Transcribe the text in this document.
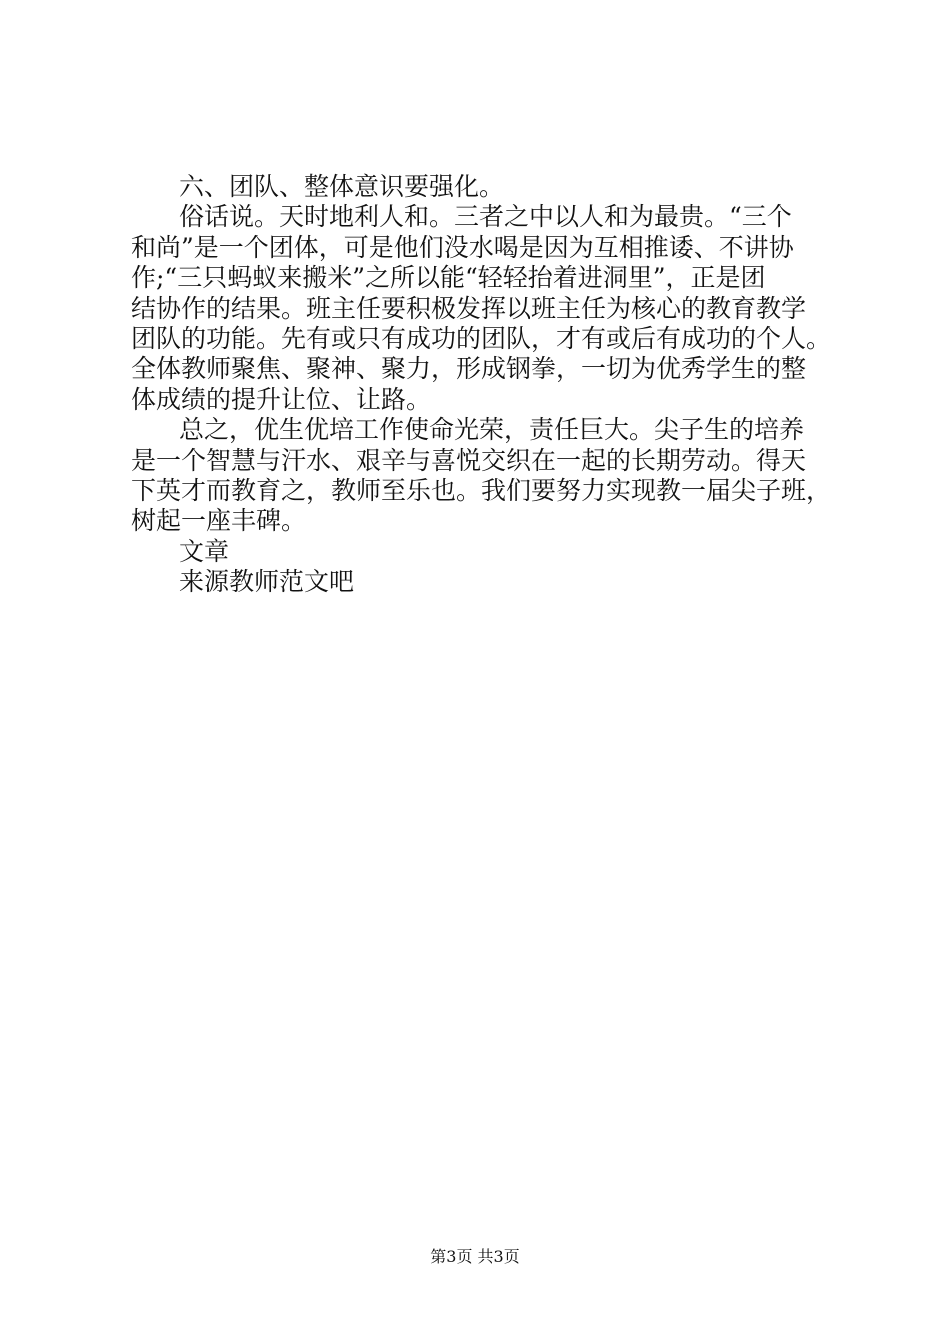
六、团队、整体意识要强化。
俗话说。天时地利人和。三者之中以人和为最贵。“三个
和尚”是一个团体，可是他们没水喝是因为互相推诿、不讲协
作;“三只蚂蚁来搬米”之所以能“轻轻抬着进洞里”，正是团
结协作的结果。班主任要积极发挥以班主任为核心的教育教学
团队的功能。先有或只有成功的团队，才有或后有成功的个人。
全体教师聚焦、聚神、聚力，形成钢拳，一切为优秀学生的整
体成绩的提升让位、让路。
总之，优生优培工作使命光荣，责任巨大。尖子生的培养
是一个智慧与汗水、艰辛与喜悦交织在一起的长期劳动。得天
下英才而教育之，教师至乐也。我们要努力实现教一届尖子班，
树起一座丰碑。
文章
来源教师范文吧
第3页 共3页
